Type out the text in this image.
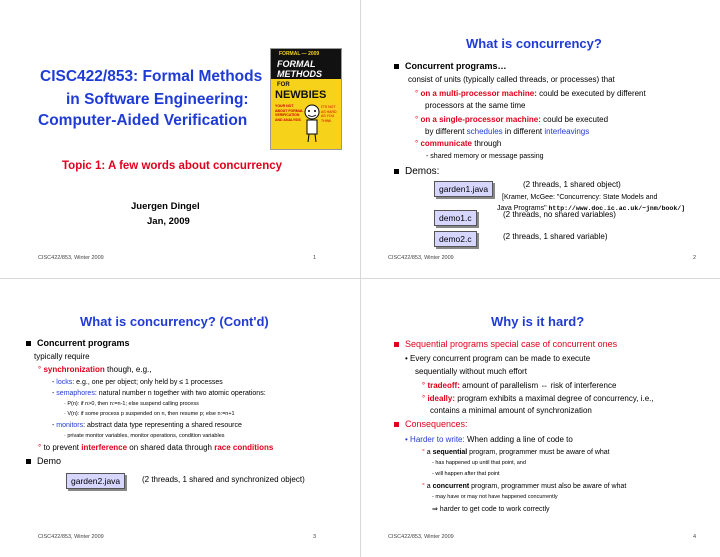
CISC422/853: Formal Methods
in Software Engineering:
Computer-Aided Verification
FORMAL — 2009
FORMAL
METHODS
FOR
NEWBIES
YOUR NOT ABOUT FORMAL VERIFICATION AND ANALYSIS
IT'S NOT AS HARD AS YOU THINK
Topic 1: A few words about concurrency
Juergen Dingel
Jan, 2009
CISC422/853, Winter 2009	1
What is concurrency?
Concurrent programs…
consist of units (typically called threads, or processes) that
° on a multi-processor machine: could be executed by different
processors at the same time
° on a single-processor machine: could be executed
by different schedules in different interleavings
° communicate through
- shared memory or message passing
Demos:
garden1.java	(2 threads, 1 shared object)
[Kramer, McGee: "Concurrency: State Models and
Java Programs" http://www.doc.ic.ac.uk/~jnm/book/]
demo1.c	(2 threads, no shared variables)
demo2.c	(2 threads, 1 shared variable)
CISC422/853, Winter 2009	2
What is concurrency? (Cont'd)
Concurrent programs
typically require
° synchronization though, e.g.,
- locks: e.g., one per object; only held by ≤ 1 processes
- semaphores: natural number n together with two atomic operations:
· P(n): if n>0, then n:=n-1; else suspend calling process
· V(n): if some process p suspended on n, then resume p; else n:=n+1
- monitors: abstract data type representing a shared resource
· private monitor variables, monitor operations, condition variables
° to prevent interference on shared data through race conditions
Demo
garden2.java	(2 threads, 1 shared and synchronized object)
CISC422/853, Winter 2009	3
Why is it hard?
Sequential programs special case of concurrent ones
• Every concurrent program can be made to execute
sequentially without much effort
° tradeoff: amount of parallelism ⇔ risk of interference
° ideally: program exhibits a maximal degree of concurrency, i.e.,
contains a minimal amount of synchronization
Consequences:
• Harder to write: When adding a line of code to
° a sequential program, programmer must be aware of what
- has happened up until that point, and
- will happen after that point
° a concurrent program, programmer must also be aware of what
- may have or may not have happened concurrently
⇒ harder to get code to work correctly
CISC422/853, Winter 2009	4
